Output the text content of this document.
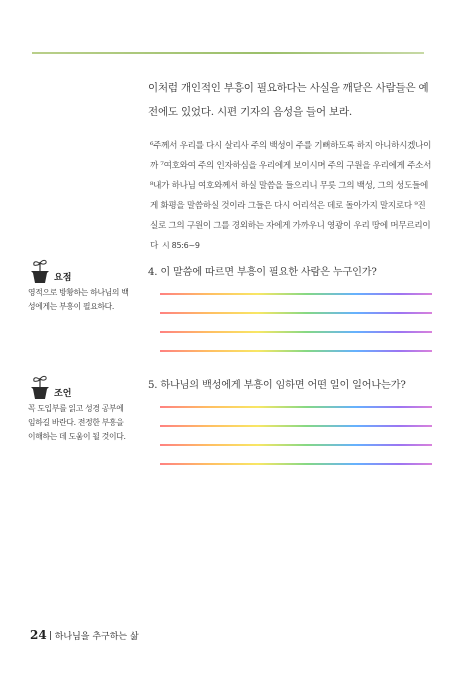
이처럼 개인적인 부흥이 필요하다는 사실을 깨닫은 사람들은 예전에도 있었다. 시편 기자의 음성을 들어 보라.

⁶주께서 우리를 다시 살리사 주의 백성이 주를 기뻐하도록 하지 아니하시겠나이까 ⁷여호와여 주의 인자하심을 우리에게 보이시며 주의 구원을 우리에게 주소서 ⁸내가 하나님 여호와께서 하실 말씀을 들으리니 무릇 그의 백성, 그의 성도들에게 화평을 말씀하실 것이라 그들은 다시 어리석은 데로 돌아가지 말지로다 ⁹진실로 그의 구원이 그를 경외하는 자에게 가까우니 영광이 우리 땅에 머무르리이다 시 85:6~9

요점
영적으로 방황하는 하나님의 백성에게는 부흥이 필요하다.
조언
꼭 도입부를 읽고 성경 공부에 임하길 바란다. 전정한 부흥을 이해하는 데 도움이 될 것이다.
4. 이 말씀에 따르면 부흥이 필요한 사람은 누구인가?
5. 하나님의 백성에게 부흥이 임하면 어떤 일이 일어나는가?
24 하나님을 추구하는 삶
